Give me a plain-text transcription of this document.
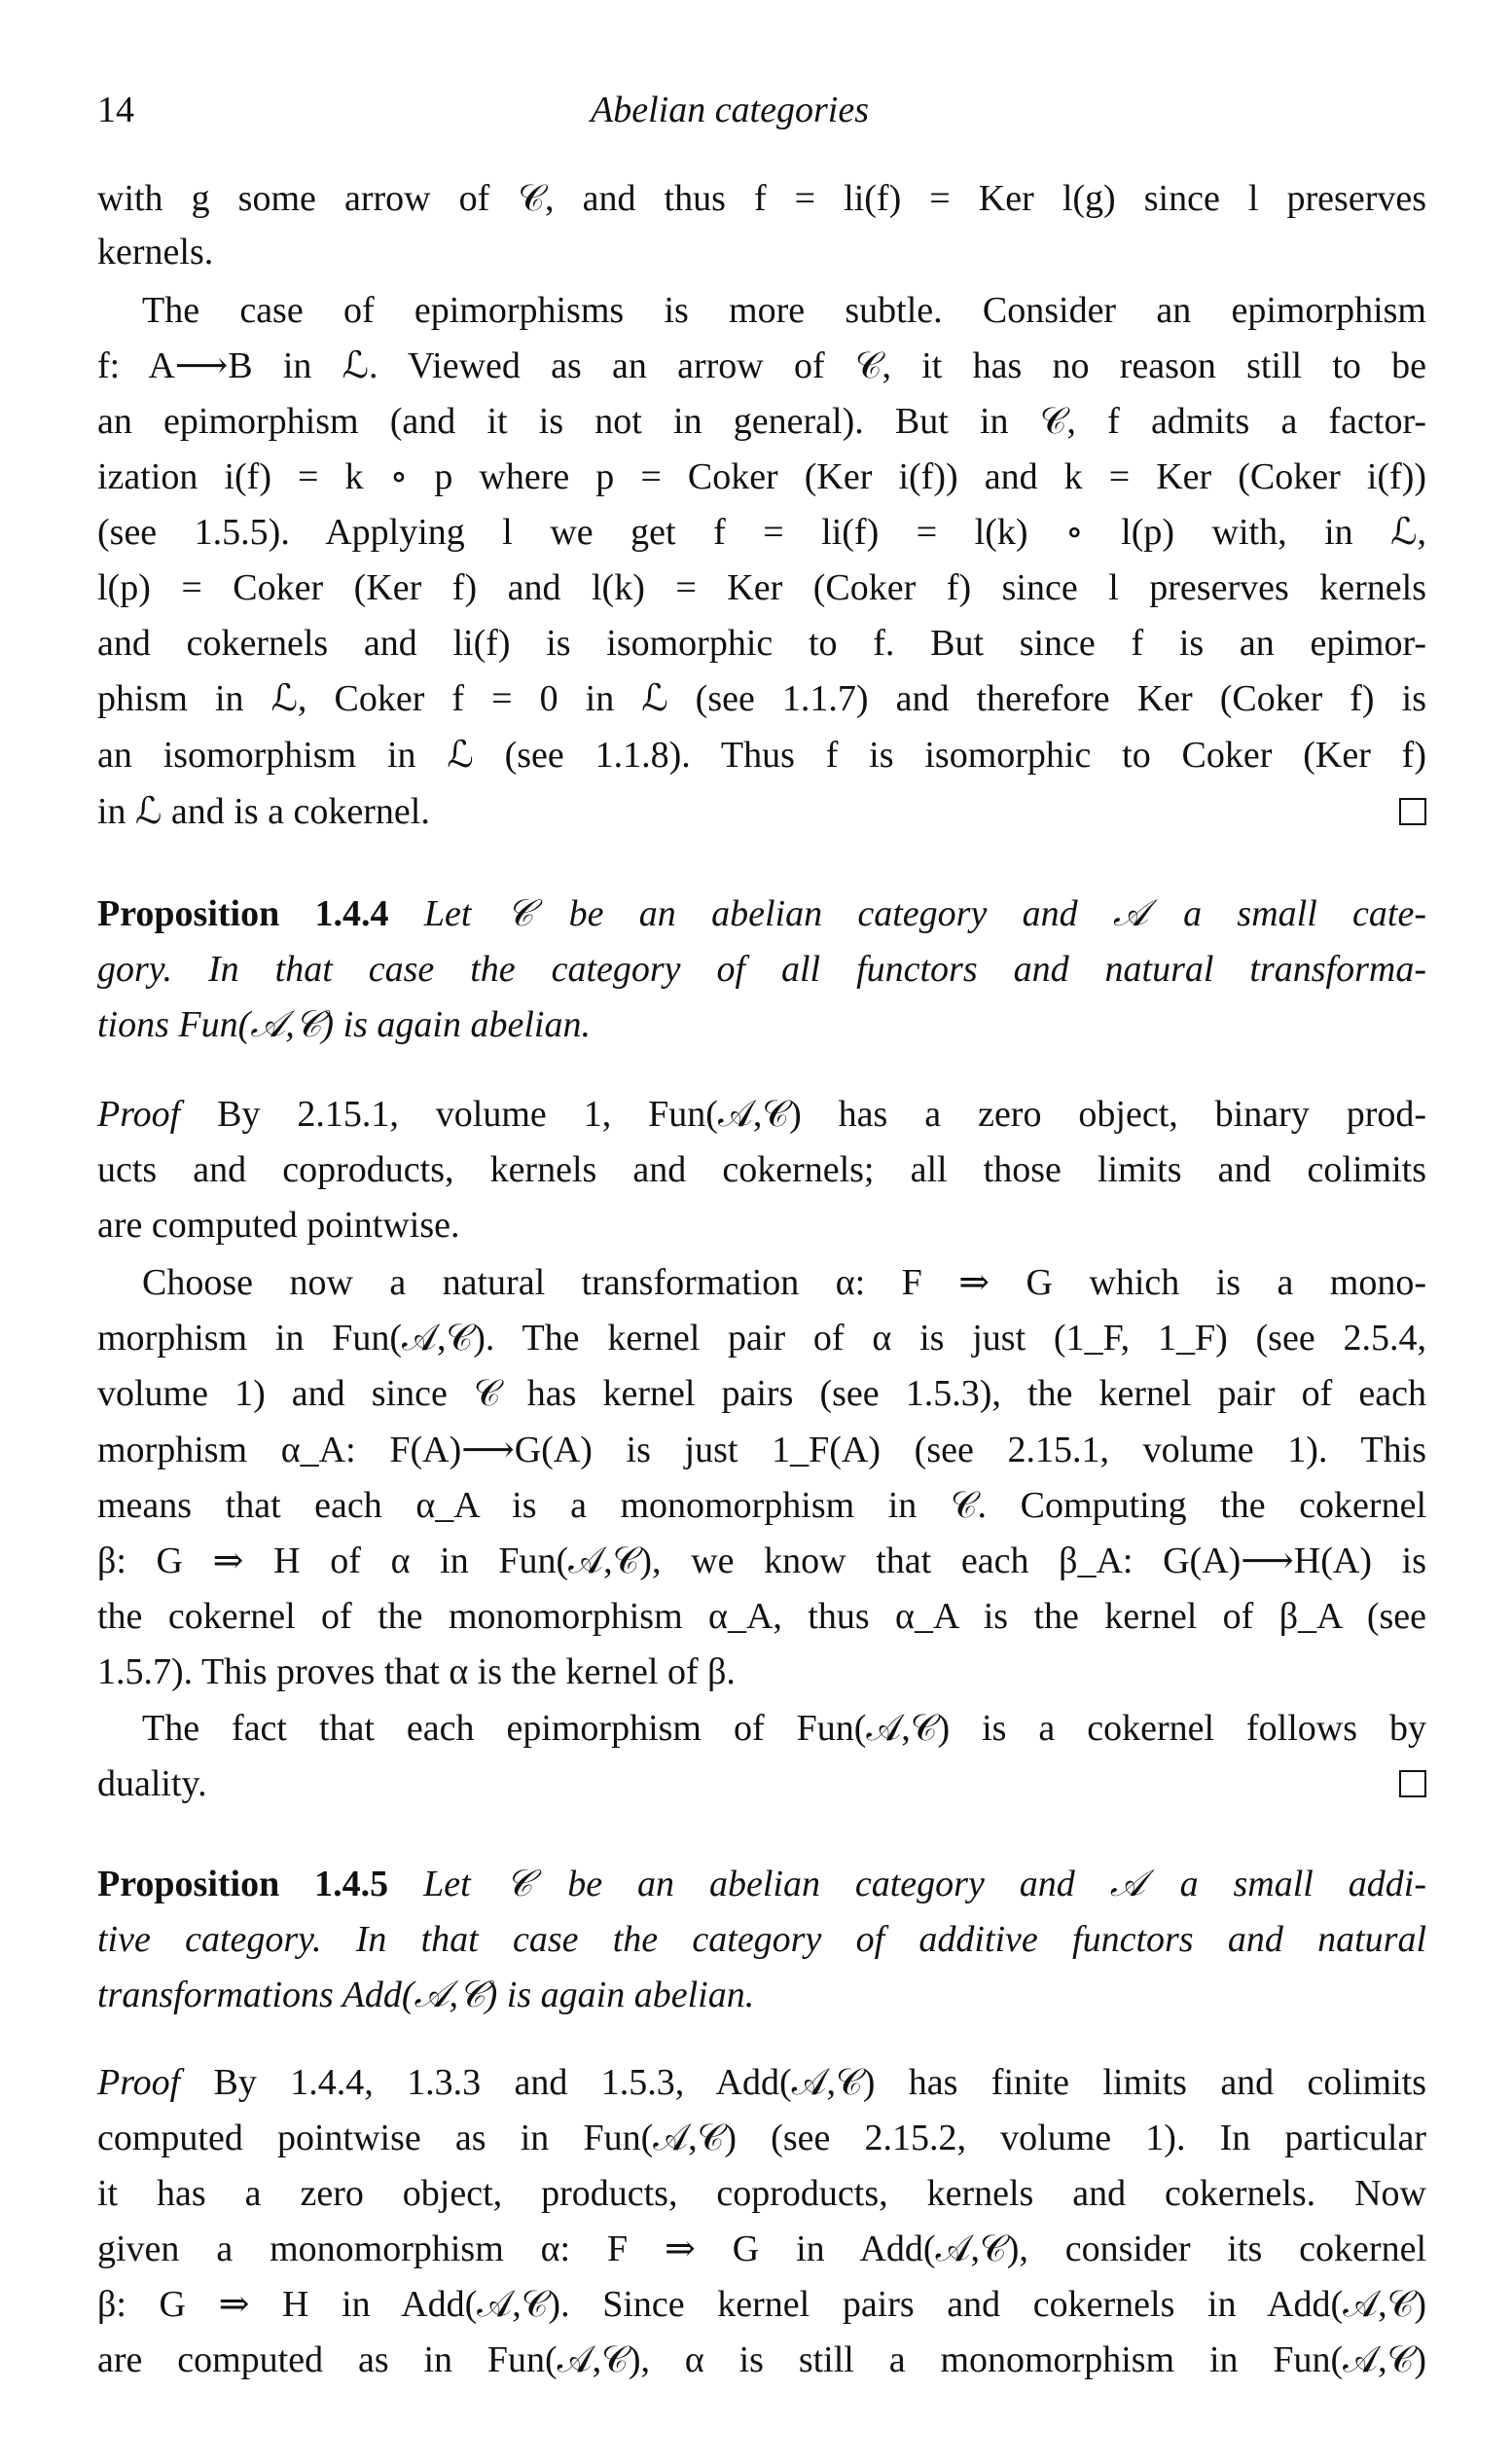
14	Abelian categories
with g some arrow of 𝒞, and thus f = li(f) = Ker l(g) since l preserves
kernels.
The case of epimorphisms is more subtle. Consider an epimorphism
f: A⟶B in ℒ. Viewed as an arrow of 𝒞, it has no reason still to be
an epimorphism (and it is not in general). But in 𝒞, f admits a factor-
ization i(f) = k ∘ p where p = Coker (Ker i(f)) and k = Ker (Coker i(f))
(see 1.5.5). Applying l we get f = li(f) = l(k) ∘ l(p) with, in ℒ,
l(p) = Coker (Ker f) and l(k) = Ker (Coker f) since l preserves kernels
and cokernels and li(f) is isomorphic to f. But since f is an epimor-
phism in ℒ, Coker f = 0 in ℒ (see 1.1.7) and therefore Ker (Coker f) is
an isomorphism in ℒ (see 1.1.8). Thus f is isomorphic to Coker (Ker f)
in ℒ and is a cokernel.
Proposition 1.4.4 Let 𝒞 be an abelian category and 𝒜 a small cate-
gory. In that case the category of all functors and natural transforma-
tions Fun(𝒜,𝒞) is again abelian.
Proof By 2.15.1, volume 1, Fun(𝒜,𝒞) has a zero object, binary prod-
ucts and coproducts, kernels and cokernels; all those limits and colimits
are computed pointwise.
Choose now a natural transformation α: F ⇒ G which is a mono-
morphism in Fun(𝒜,𝒞). The kernel pair of α is just (1_F, 1_F) (see 2.5.4,
volume 1) and since 𝒞 has kernel pairs (see 1.5.3), the kernel pair of each
morphism α_A: F(A)⟶G(A) is just 1_F(A) (see 2.15.1, volume 1). This
means that each α_A is a monomorphism in 𝒞. Computing the cokernel
β: G ⇒ H of α in Fun(𝒜,𝒞), we know that each β_A: G(A)⟶H(A) is
the cokernel of the monomorphism α_A, thus α_A is the kernel of β_A (see
1.5.7). This proves that α is the kernel of β.
The fact that each epimorphism of Fun(𝒜,𝒞) is a cokernel follows by
duality.
Proposition 1.4.5 Let 𝒞 be an abelian category and 𝒜 a small addi-
tive category. In that case the category of additive functors and natural
transformations Add(𝒜,𝒞) is again abelian.
Proof By 1.4.4, 1.3.3 and 1.5.3, Add(𝒜,𝒞) has finite limits and colimits
computed pointwise as in Fun(𝒜,𝒞) (see 2.15.2, volume 1). In particular
it has a zero object, products, coproducts, kernels and cokernels. Now
given a monomorphism α: F ⇒ G in Add(𝒜,𝒞), consider its cokernel
β: G ⇒ H in Add(𝒜,𝒞). Since kernel pairs and cokernels in Add(𝒜,𝒞)
are computed as in Fun(𝒜,𝒞), α is still a monomorphism in Fun(𝒜,𝒞)
